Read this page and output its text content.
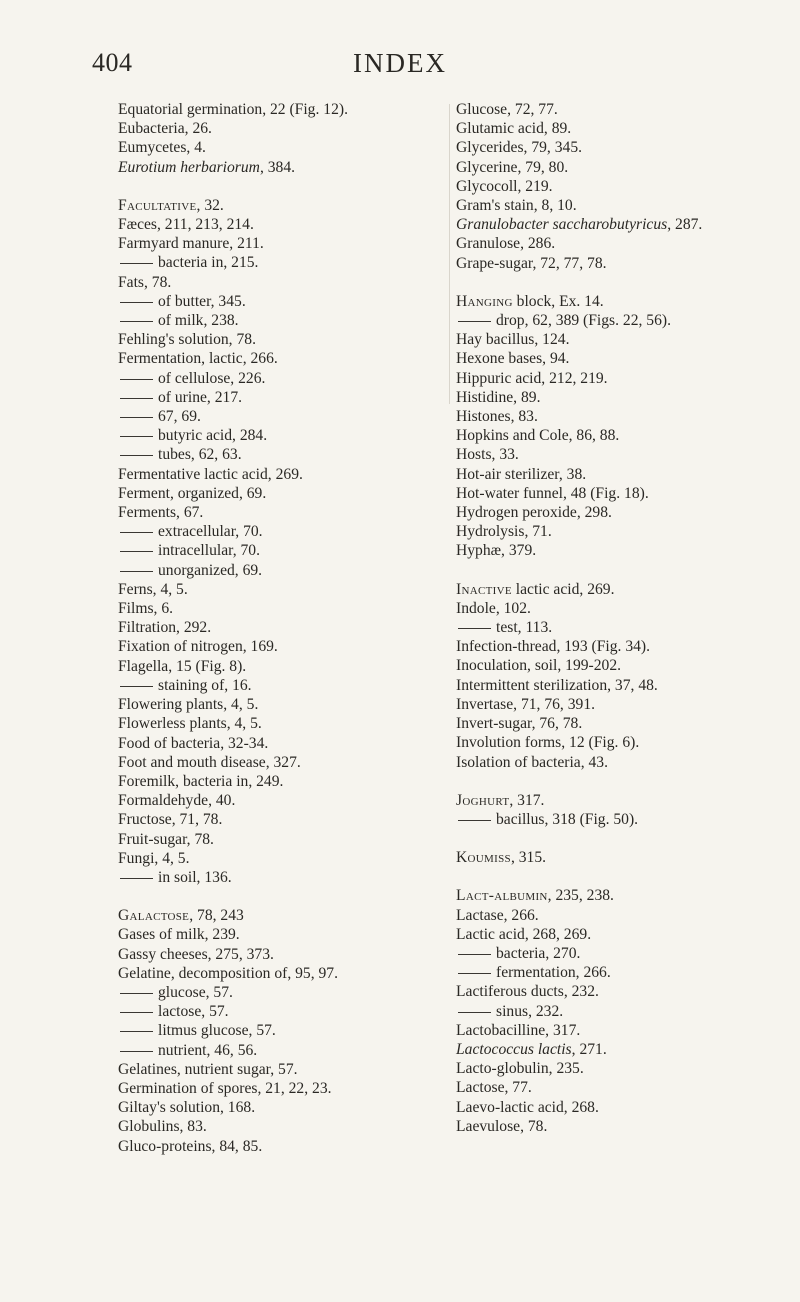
404	INDEX
Equatorial germination, 22 (Fig. 12).
Eubacteria, 26.
Eumycetes, 4.
Eurotium herbariorum, 384.
Facultative, 32.
Fæces, 211, 213, 214.
Farmyard manure, 211.
bacteria in, 215.
Fats, 78.
of butter, 345.
of milk, 238.
Fehling's solution, 78.
Fermentation, lactic, 266.
of cellulose, 226.
of urine, 217.
67, 69.
butyric acid, 284.
tubes, 62, 63.
Fermentative lactic acid, 269.
Ferment, organized, 69.
Ferments, 67.
extracellular, 70.
intracellular, 70.
unorganized, 69.
Ferns, 4, 5.
Films, 6.
Filtration, 292.
Fixation of nitrogen, 169.
Flagella, 15 (Fig. 8).
staining of, 16.
Flowering plants, 4, 5.
Flowerless plants, 4, 5.
Food of bacteria, 32-34.
Foot and mouth disease, 327.
Foremilk, bacteria in, 249.
Formaldehyde, 40.
Fructose, 71, 78.
Fruit-sugar, 78.
Fungi, 4, 5.
in soil, 136.
Galactose, 78, 243
Gases of milk, 239.
Gassy cheeses, 275, 373.
Gelatine, decomposition of, 95, 97.
glucose, 57.
lactose, 57.
litmus glucose, 57.
nutrient, 46, 56.
Gelatines, nutrient sugar, 57.
Germination of spores, 21, 22, 23.
Giltay's solution, 168.
Globulins, 83.
Gluco-proteins, 84, 85.
Glucose, 72, 77.
Glutamic acid, 89.
Glycerides, 79, 345.
Glycerine, 79, 80.
Glycocoll, 219.
Gram's stain, 8, 10.
Granulobacter saccharobutyricus, 287.
Granulose, 286.
Grape-sugar, 72, 77, 78.
Hanging block, Ex. 14.
drop, 62, 389 (Figs. 22, 56).
Hay bacillus, 124.
Hexone bases, 94.
Hippuric acid, 212, 219.
Histidine, 89.
Histones, 83.
Hopkins and Cole, 86, 88.
Hosts, 33.
Hot-air sterilizer, 38.
Hot-water funnel, 48 (Fig. 18).
Hydrogen peroxide, 298.
Hydrolysis, 71.
Hyphæ, 379.
Inactive lactic acid, 269.
Indole, 102.
test, 113.
Infection-thread, 193 (Fig. 34).
Inoculation, soil, 199-202.
Intermittent sterilization, 37, 48.
Invertase, 71, 76, 391.
Invert-sugar, 76, 78.
Involution forms, 12 (Fig. 6).
Isolation of bacteria, 43.
Joghurt, 317.
bacillus, 318 (Fig. 50).
Koumiss, 315.
Lact-albumin, 235, 238.
Lactase, 266.
Lactic acid, 268, 269.
bacteria, 270.
fermentation, 266.
Lactiferous ducts, 232.
sinus, 232.
Lactobacilline, 317.
Lactococcus lactis, 271.
Lacto-globulin, 235.
Lactose, 77.
Laevo-lactic acid, 268.
Laevulose, 78.
